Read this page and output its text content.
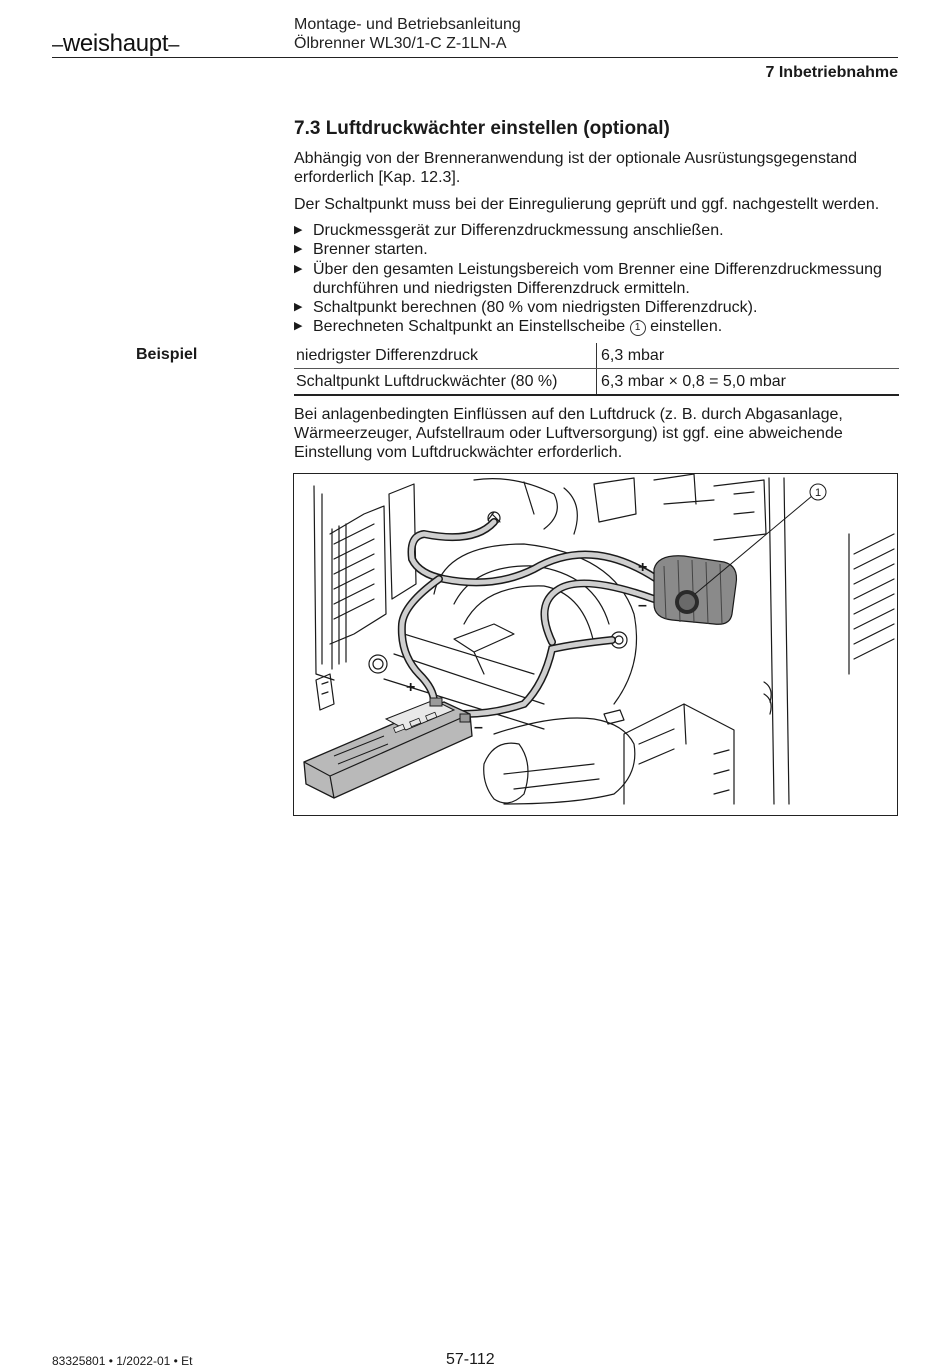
–weishaupt–
Montage- und Betriebsanleitung
Ölbrenner WL30/1-C Z-1LN-A
7 Inbetriebnahme
7.3 Luftdruckwächter einstellen (optional)
Abhängig von der Brenneranwendung ist der optionale Ausrüstungsgegenstand erforderlich [Kap. 12.3].
Der Schaltpunkt muss bei der Einregulierung geprüft und ggf. nachgestellt werden.
▶ Druckmessgerät zur Differenzdruckmessung anschließen.
▶ Brenner starten.
▶ Über den gesamten Leistungsbereich vom Brenner eine Differenzdruckmessung durchführen und niedrigsten Differenzdruck ermitteln.
▶ Schaltpunkt berechnen (80 % vom niedrigsten Differenzdruck).
▶ Berechneten Schaltpunkt an Einstellscheibe 1 einstellen.
Beispiel	niedrigster Differenzdruck	6,3 mbar
Schaltpunkt Luftdruckwächter (80 %)	6,3 mbar × 0,8 = 5,0 mbar
Bei anlagenbedingten Einflüssen auf den Luftdruck (z. B. durch Abgasanlage, Wärmeerzeuger, Aufstellraum oder Luftversorgung) ist ggf. eine abweichende Einstellung vom Luftdruckwächter erforderlich.
1
+
–
+
–
83325801 • 1/2022-01 • Et	57-112
